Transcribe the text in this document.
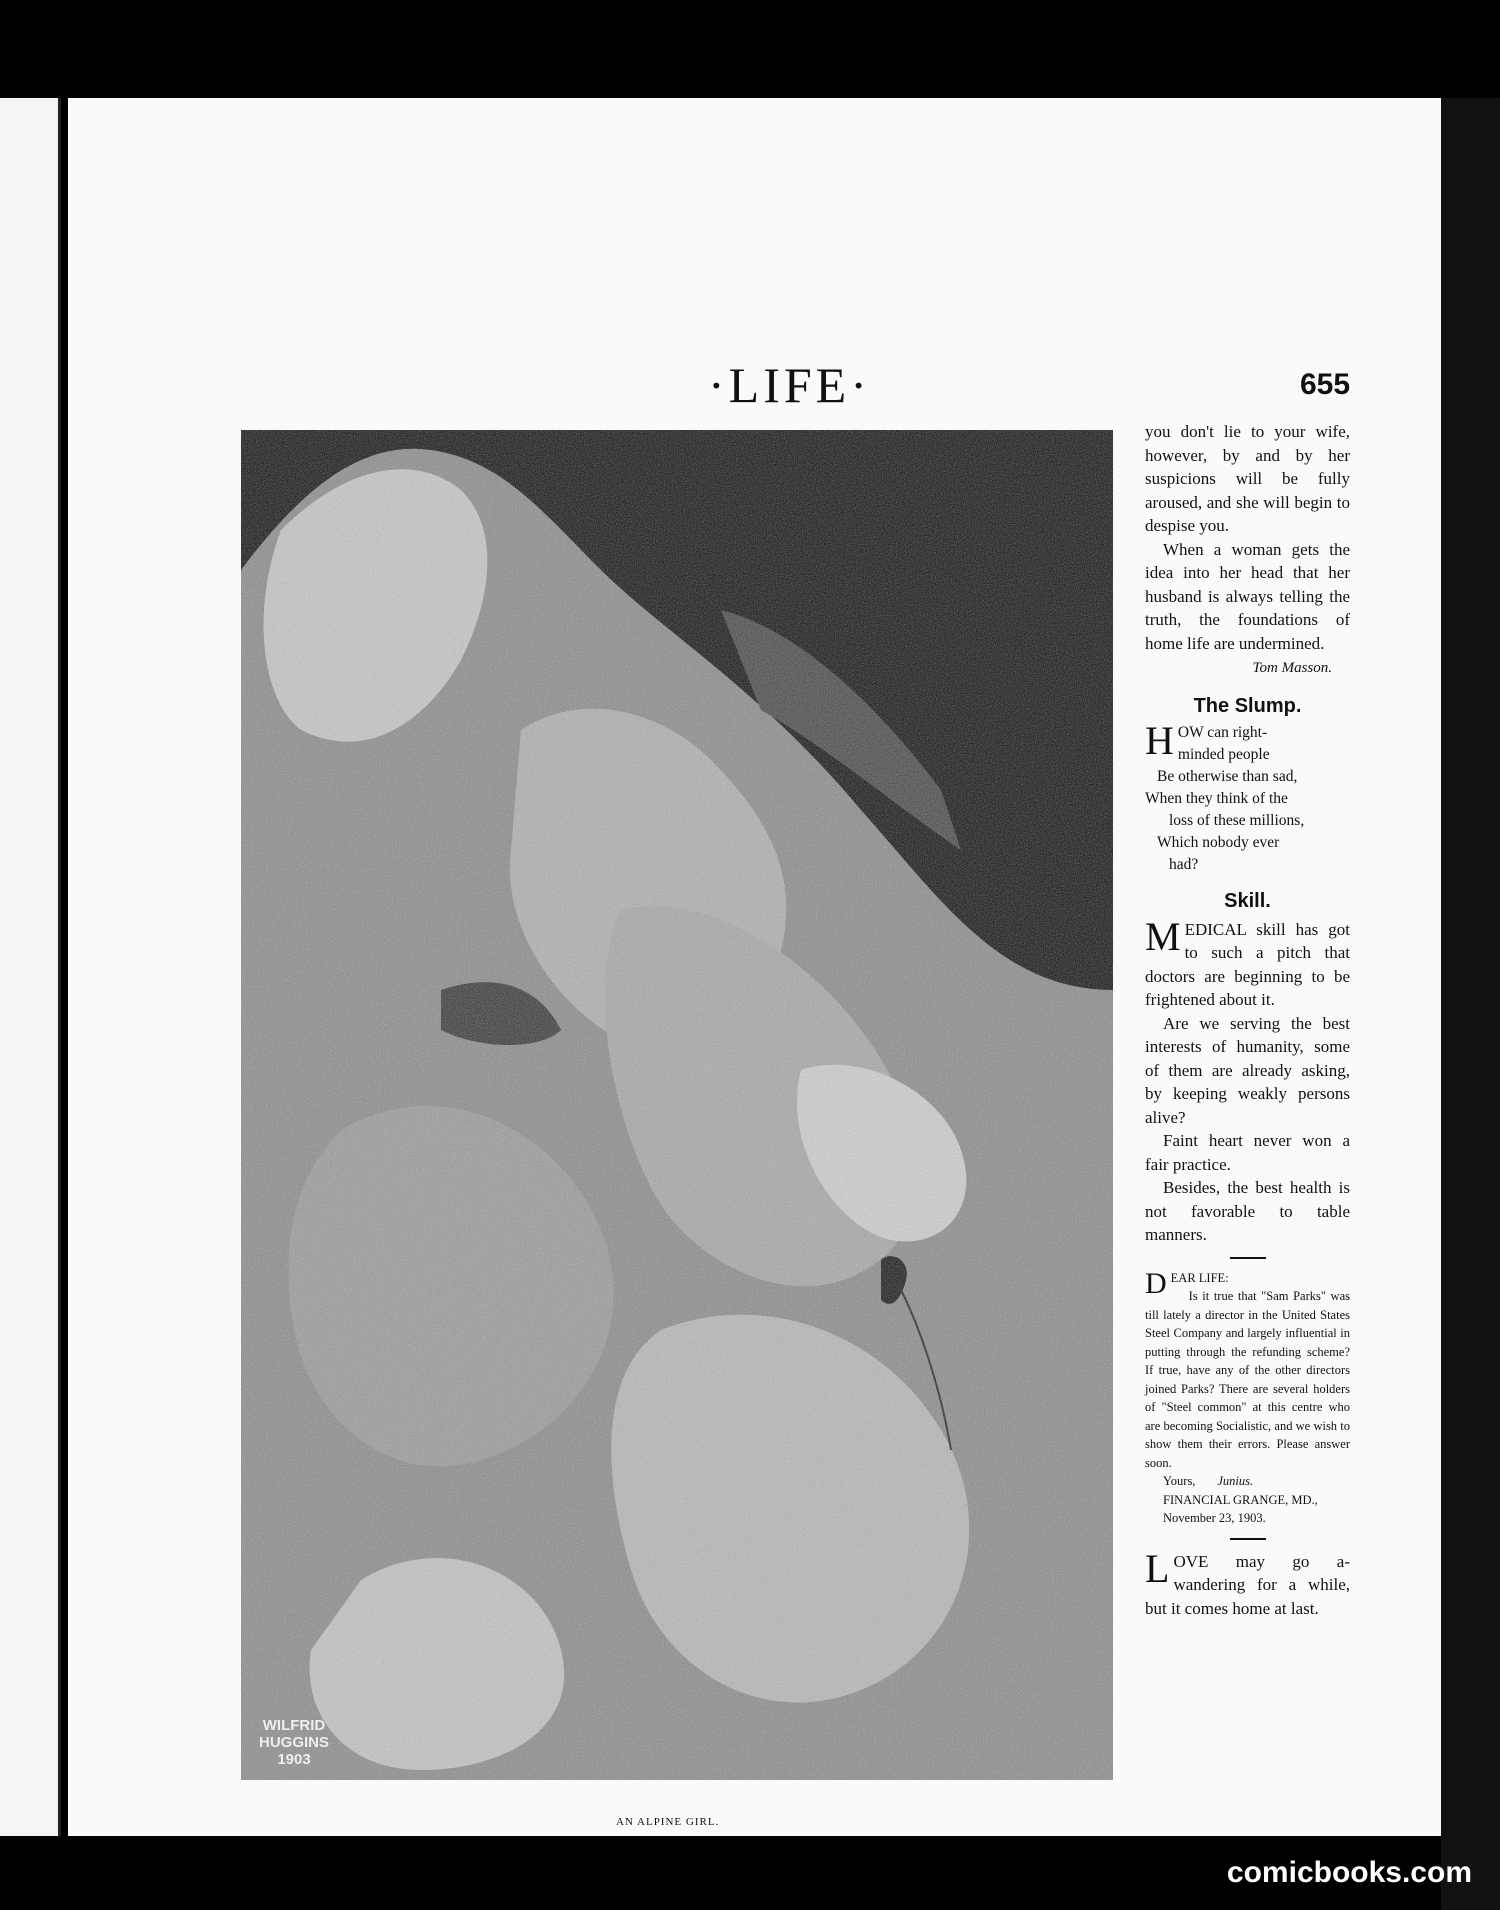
·LIFE·	655
WILFRID
HUGGINS
1903
AN ALPINE GIRL.

you don't lie to your wife, however, by and by her suspicions will be fully aroused, and she will begin to despise you.

When a woman gets the idea into her head that her husband is always telling the truth, the foundations of home life are undermined.

Tom Masson.
The Slump.
H OW can right-
minded people
Be otherwise than sad,
When they think of the
loss of these millions,
Which nobody ever
had?
Skill.

MEDICAL skill has got to such a pitch that doctors are beginning to be frightened about it.

Are we serving the best interests of humanity, some of them are already asking, by keeping weakly persons alive?

Faint heart never won a fair practice.

Besides, the best health is not favorable to table manners.

DEAR LIFE:

Is it true that "Sam Parks" was till lately a director in the United States Steel Company and largely influential in putting through the refunding scheme? If true, have any of the other directors joined Parks? There are several holders of "Steel common" at this centre who are becoming Socialistic, and we wish to show them their errors. Please answer soon.

Yours, Junius.

FINANCIAL GRANGE, MD.,

November 23, 1903.

LOVE may go a-wandering for a while, but it comes home at last.

comicbooks.com
